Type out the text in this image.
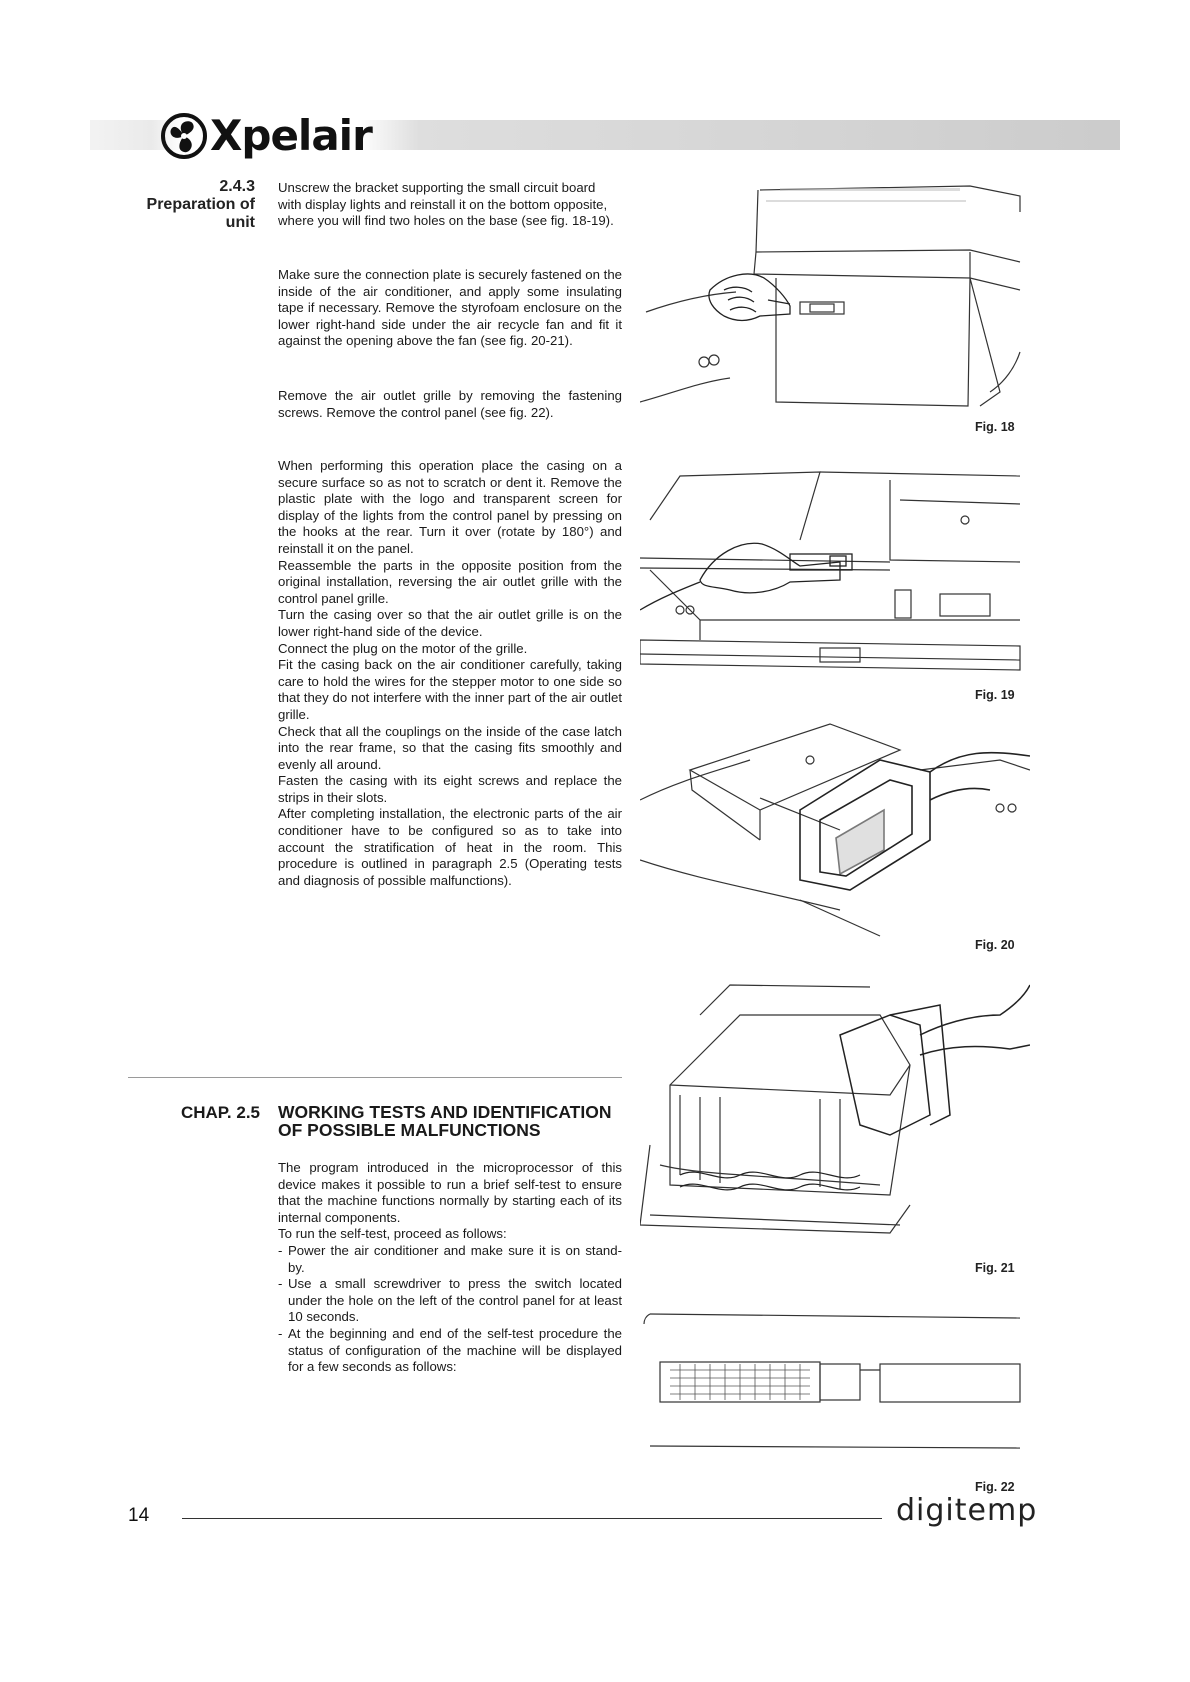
Xpelair
2.4.3
Preparation of
unit

Unscrew the bracket supporting the small circuit board with display lights and reinstall it on the bottom opposite, where you will find two holes on the base (see fig. 18-19).

Make sure the connection plate is securely fastened on the inside of the air conditioner, and apply some insulating tape if necessary. Remove the styrofoam enclosure on the lower right-hand side under the air recycle fan and fit it against the opening above the fan (see fig. 20-21).

Remove the air outlet grille by removing the fastening screws. Remove the control panel (see fig. 22).

When performing this operation place the casing on a secure surface so as not to scratch or dent it. Remove the plastic plate with the logo and transparent screen for display of the lights from the control panel by pressing on the hooks at the rear. Turn it over (rotate by 180°) and reinstall it on the panel.

Reassemble the parts in the opposite position from the original installation, reversing the air outlet grille with the control panel grille.

Turn the casing over so that the air outlet grille is on the lower right-hand side of the device.

Connect the plug on the motor of the grille.

Fit the casing back on the air conditioner carefully, taking care to hold the wires for the stepper motor to one side so that they do not interfere with the inner part of the air outlet grille.

Check that all the couplings on the inside of the case latch into the rear frame, so that the casing fits smoothly and evenly all around.

Fasten the casing with its eight screws and replace the strips in their slots.

After completing installation, the electronic parts of the air conditioner have to be configured so as to take into account the stratification of heat in the room. This procedure is outlined in paragraph 2.5 (Operating tests and diagnosis of possible malfunctions).

CHAP. 2.5 WORKING TESTS AND IDENTIFICATION
OF POSSIBLE MALFUNCTIONS

The program introduced in the microprocessor of this device makes it possible to run a brief self-test to ensure that the machine functions normally by starting each of its internal components.

To run the self-test, proceed as follows:

- Power the air conditioner and make sure it is on stand-by.
- Use a small screwdriver to press the switch located under the hole on the left of the control panel for at least 10 seconds.
- At the beginning and end of the self-test procedure the status of configuration of the machine will be displayed for a few seconds as follows:
Fig. 18
Fig. 19
Fig. 20
Fig. 21
Fig. 22
14	digitemp
